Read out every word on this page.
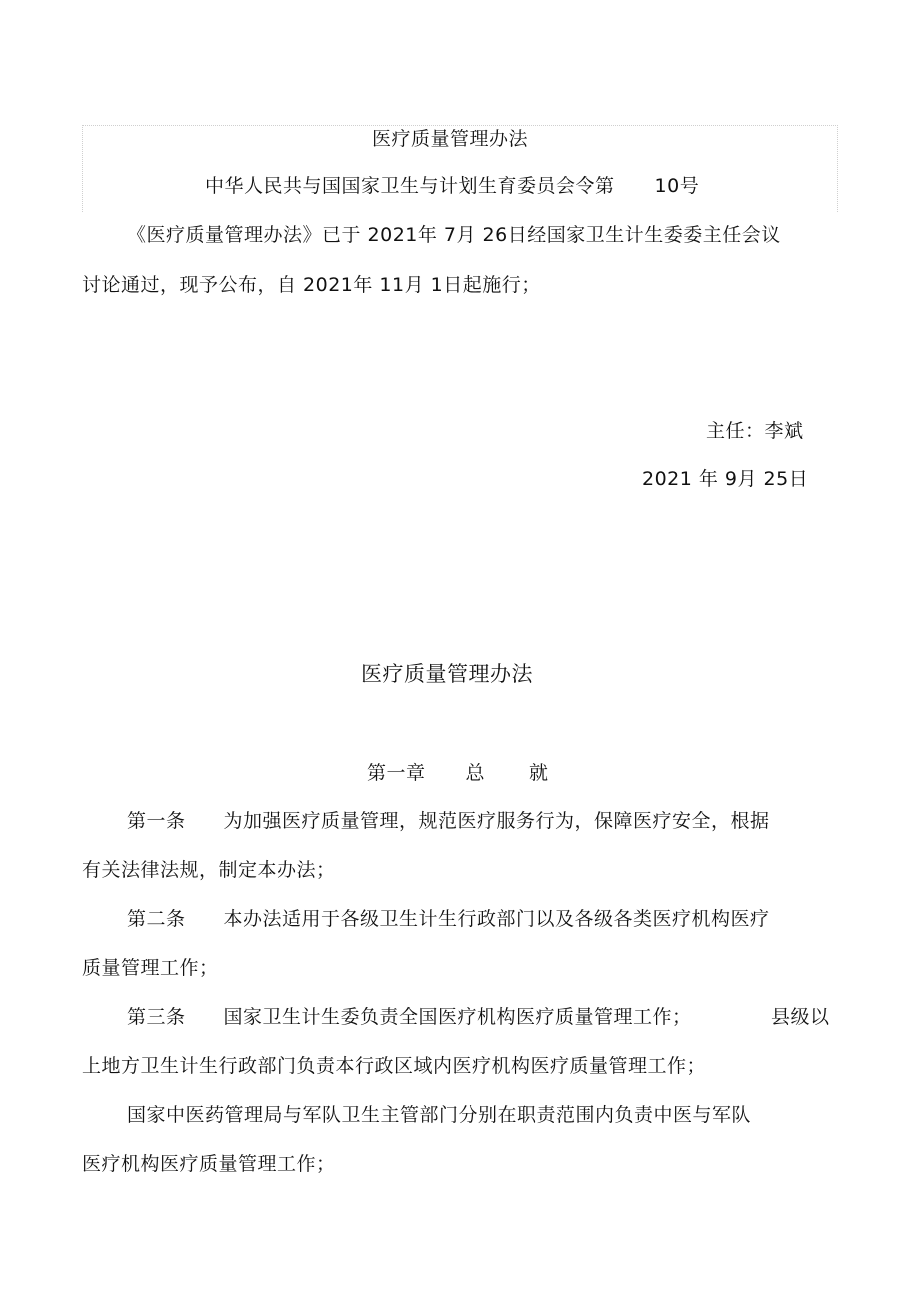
医疗质量管理办法
中华人民共与国国家卫生与计划生育委员会令第 10号
《医疗质量管理办法》已于 2021年 7月 26日经国家卫生计生委委主任会议
讨论通过，现予公布，自 2021年 11月 1日起施行；
主任：李斌
2021 年 9月 25日
医疗质量管理办法
第一章 总 就
第一条 为加强医疗质量管理，规范医疗服务行为，保障医疗安全，根据
有关法律法规，制定本办法；
第二条 本办法适用于各级卫生计生行政部门以及各级各类医疗机构医疗
质量管理工作；
第三条 国家卫生计生委负责全国医疗机构医疗质量管理工作；	县级以
上地方卫生计生行政部门负责本行政区域内医疗机构医疗质量管理工作；
国家中医药管理局与军队卫生主管部门分别在职责范围内负责中医与军队
医疗机构医疗质量管理工作；
